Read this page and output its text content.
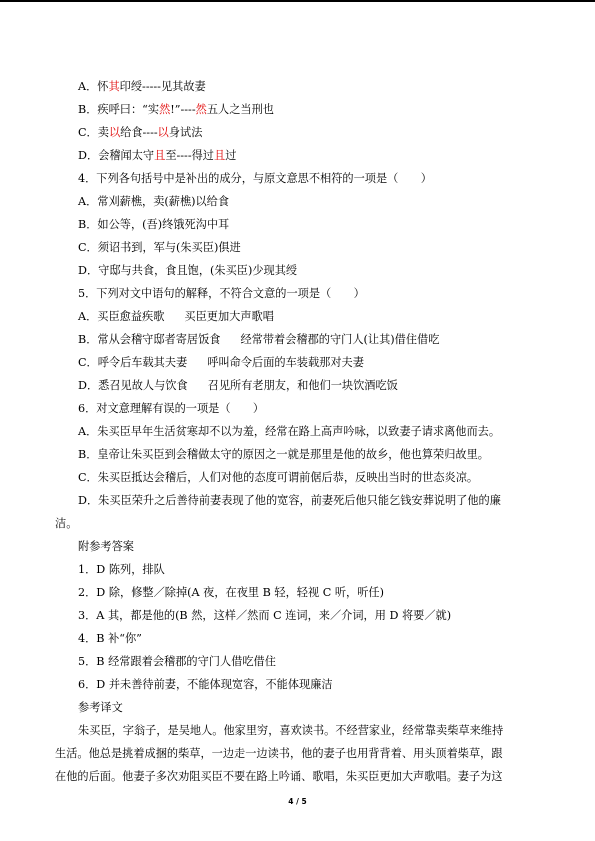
A．怀其印绶-----见其故妻
B．疾呼曰：“实然!”----然五人之当刑也
C．卖以给食----以身试法
D．会稽闻太守且至----得过且过
4．下列各句括号中是补出的成分，与原文意思不相符的一项是（　　）
A．常刈薪樵，卖(薪樵)以给食
B．如公等，(吾)终饿死沟中耳
C．须诏书到，军与(朱买臣)俱进
D．守邸与共食，食且饱，(朱买臣)少现其绶
5．下列对文中语句的解释，不符合文意的一项是（　　）
A．买臣愈益疾歌 买臣更加大声歌唱
B．常从会稽守邸者寄居饭食 经常带着会稽郡的守门人(让其)借住借吃
C．呼令后车载其夫妻 呼叫命令后面的车装载那对夫妻
D．悉召见故人与饮食 召见所有老朋友，和他们一块饮酒吃饭
6．对文意理解有误的一项是（　　）
A．朱买臣早年生活贫寒却不以为羞，经常在路上高声吟咏，以致妻子请求离他而去。
B．皇帝让朱买臣到会稽做太守的原因之一就是那里是他的故乡，他也算荣归故里。
C．朱买臣抵达会稽后，人们对他的态度可谓前倨后恭，反映出当时的世态炎凉。
D．朱买臣荣升之后善待前妻表现了他的宽容，前妻死后他只能乞钱安葬说明了他的廉
洁。
附参考答案
1．D 陈列，排队
2．D 除，修整／除掉(A 夜，在夜里 B 轻，轻视 C 听，听任)
3．A 其，都是他的(B 然，这样／然而 C 连词，来／介词，用 D 将要／就)
4．B 补“你”
5．B 经常跟着会稽郡的守门人借吃借住
6．D 并未善待前妻，不能体现宽容，不能体现廉洁
参考译文
朱买臣，字翁子，是吴地人。他家里穷，喜欢读书。不经营家业，经常靠卖柴草来维持
生活。他总是挑着成捆的柴草，一边走一边读书，他的妻子也用背背着、用头顶着柴草，跟
在他的后面。他妻子多次劝阻买臣不要在路上吟诵、歌唱，朱买臣更加大声歌唱。妻子为这
4 / 5
